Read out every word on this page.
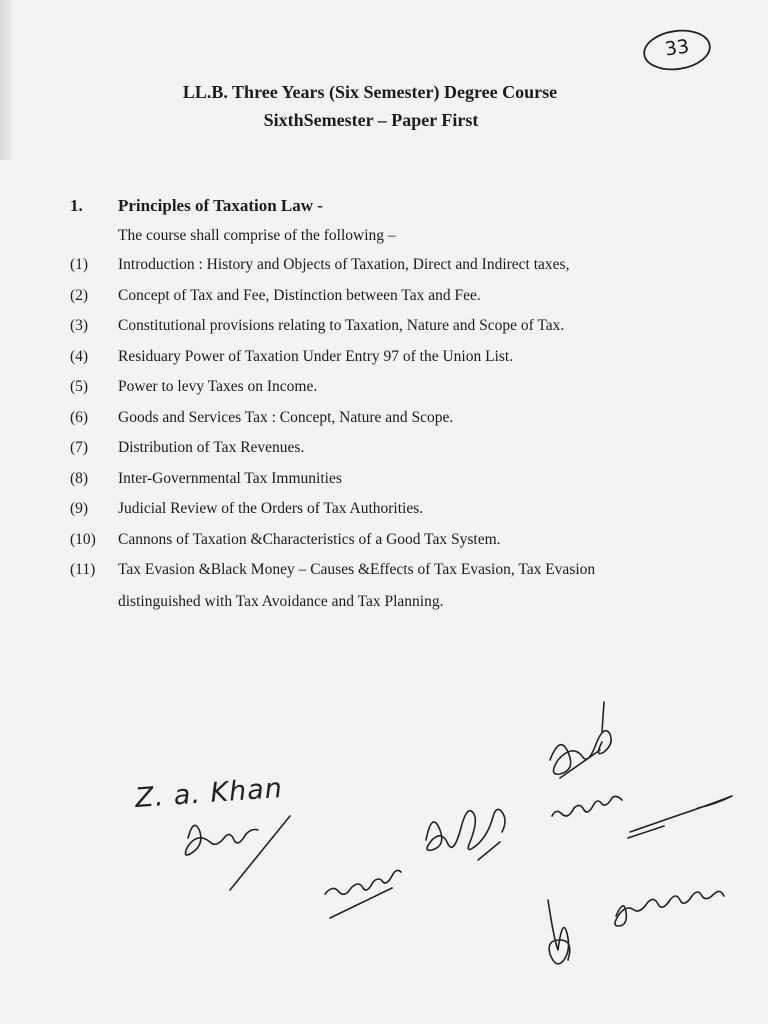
33
LL.B. Three Years (Six Semester) Degree Course
SixthSemester – Paper First
1. Principles of Taxation Law -
The course shall comprise of the following –
(1) Introduction : History and Objects of Taxation, Direct and Indirect taxes,
(2) Concept of Tax and Fee, Distinction between Tax and Fee.
(3) Constitutional provisions relating to Taxation, Nature and Scope of Tax.
(4) Residuary Power of Taxation Under Entry 97 of the Union List.
(5) Power to levy Taxes on Income.
(6) Goods and Services Tax : Concept, Nature and Scope.
(7) Distribution of Tax Revenues.
(8) Inter-Governmental Tax Immunities
(9) Judicial Review of the Orders of Tax Authorities.
(10) Cannons of Taxation &Characteristics of a Good Tax System.
(11) Tax Evasion &Black Money – Causes &Effects of Tax Evasion, Tax Evasion
distinguished with Tax Avoidance and Tax Planning.
Z. a. Khan
